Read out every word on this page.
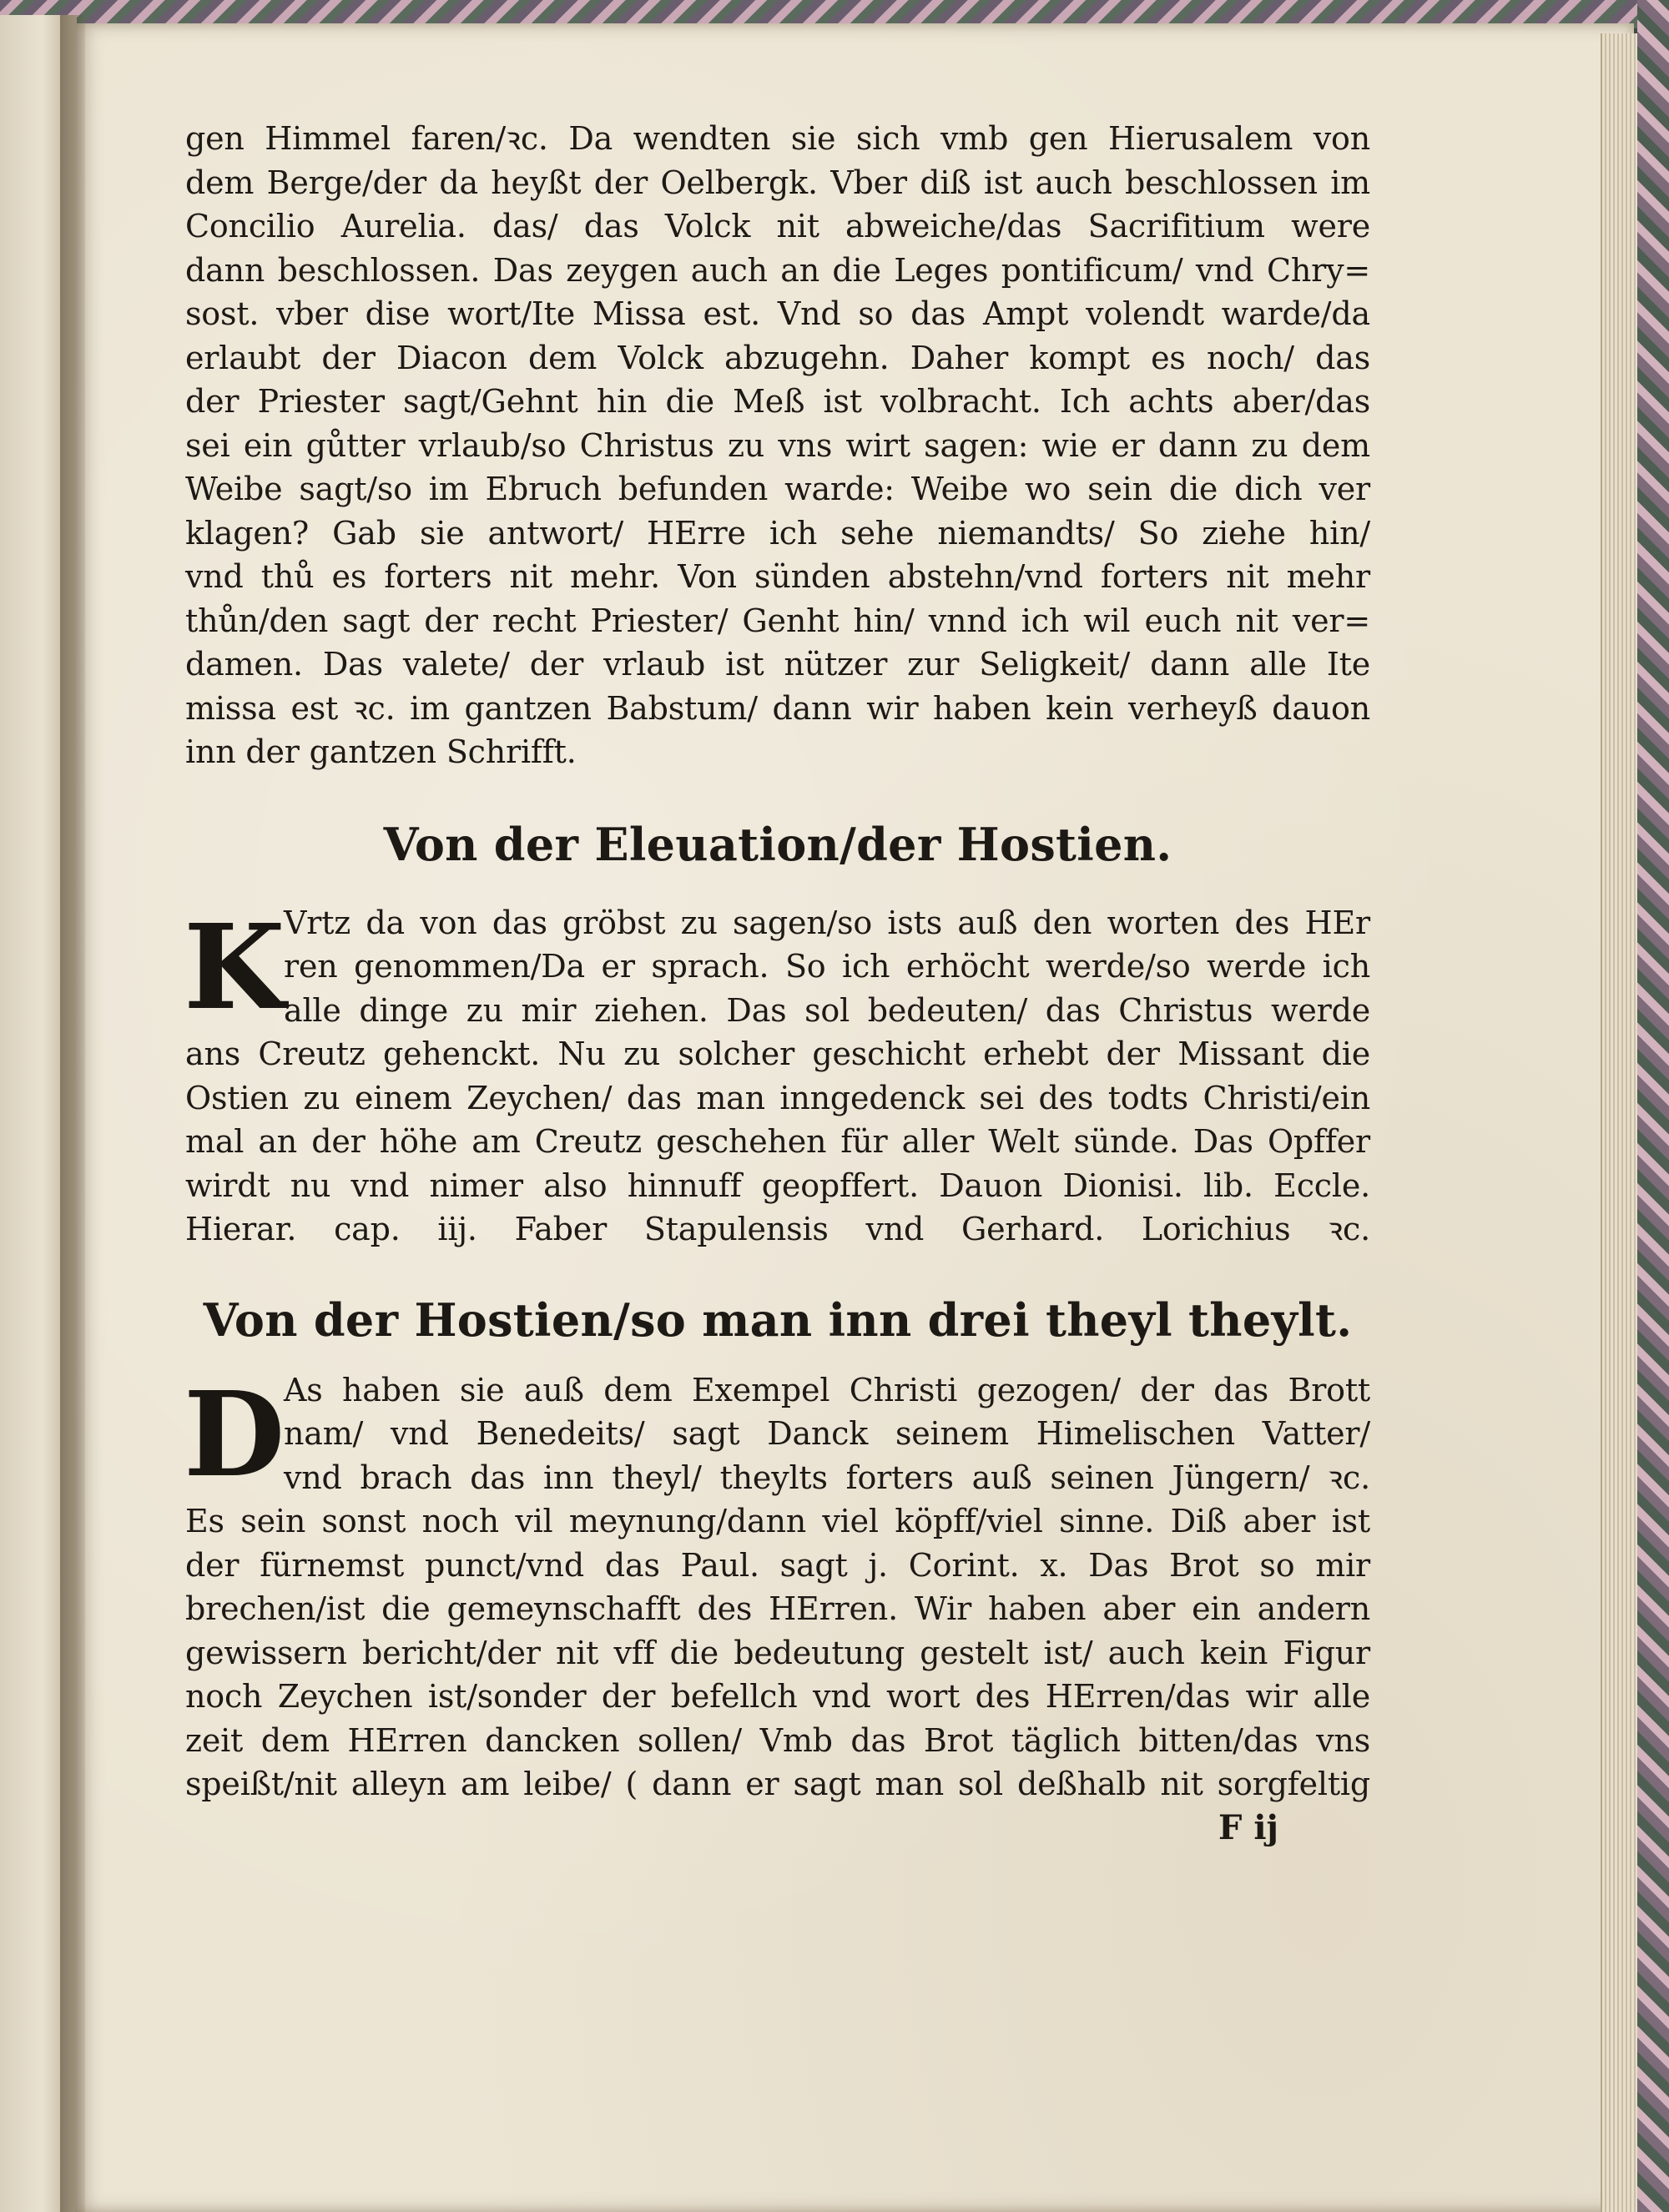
gen Himmel faren/ꝛc. Da wendten sie sich vmb gen Hierusalem von
dem Berge/der da heyßt der Oelbergk. Vber diß ist auch beschlossen im
Concilio Aurelia. das/ das Volck nit abweiche/das Sacrifitium were
dann beschlossen. Das zeygen auch an die Leges pontificum/ vnd Chry=
sost. vber dise wort/Ite Missa est. Vnd so das Ampt volendt warde/da
erlaubt der Diacon dem Volck abzugehn. Daher kompt es noch/ das
der Priester sagt/Gehnt hin die Meß ist volbracht. Ich achts aber/das
sei ein gůtter vrlaub/so Christus zu vns wirt sagen: wie er dann zu dem
Weibe sagt/so im Ebruch befunden warde: Weibe wo sein die dich ver
klagen? Gab sie antwort/ HErre ich sehe niemandts/ So ziehe hin/
vnd thů es forters nit mehr. Von sünden abstehn/vnd forters nit mehr
thůn/den sagt der recht Priester/ Genht hin/ vnnd ich wil euch nit ver=
damen. Das valete/ der vrlaub ist nützer zur Seligkeit/ dann alle Ite
missa est ꝛc. im gantzen Babstum/ dann wir haben kein verheyß dauon
inn der gantzen Schrifft.
Von der Eleuation/der Hostien.
K
Vrtz da von das gröbst zu sagen/so ists auß den worten des HEr
ren genommen/Da er sprach. So ich erhöcht werde/so werde ich
alle dinge zu mir ziehen. Das sol bedeuten/ das Christus werde
ans Creutz gehenckt. Nu zu solcher geschicht erhebt der Missant die
Ostien zu einem Zeychen/ das man inngedenck sei des todts Christi/ein
mal an der höhe am Creutz geschehen für aller Welt sünde. Das Opffer
wirdt nu vnd nimer also hinnuff geopffert. Dauon Dionisi. lib. Eccle.
Hierar. cap. iij. Faber Stapulensis vnd Gerhard. Lorichius ꝛc.
Von der Hostien/so man inn drei theyl theylt.
D
As haben sie auß dem Exempel Christi gezogen/ der das Brott
nam/ vnd Benedeits/ sagt Danck seinem Himelischen Vatter/
vnd brach das inn theyl/ theylts forters auß seinen Jüngern/ ꝛc.
Es sein sonst noch vil meynung/dann viel köpff/viel sinne. Diß aber ist
der fürnemst punct/vnd das Paul. sagt j. Corint. x. Das Brot so mir
brechen/ist die gemeynschafft des HErren. Wir haben aber ein andern
gewissern bericht/der nit vff die bedeutung gestelt ist/ auch kein Figur
noch Zeychen ist/sonder der befellch vnd wort des HErren/das wir alle
zeit dem HErren dancken sollen/ Vmb das Brot täglich bitten/das vns
speißt/nit alleyn am leibe/ ( dann er sagt man sol deßhalb nit sorgfeltig
F ij
